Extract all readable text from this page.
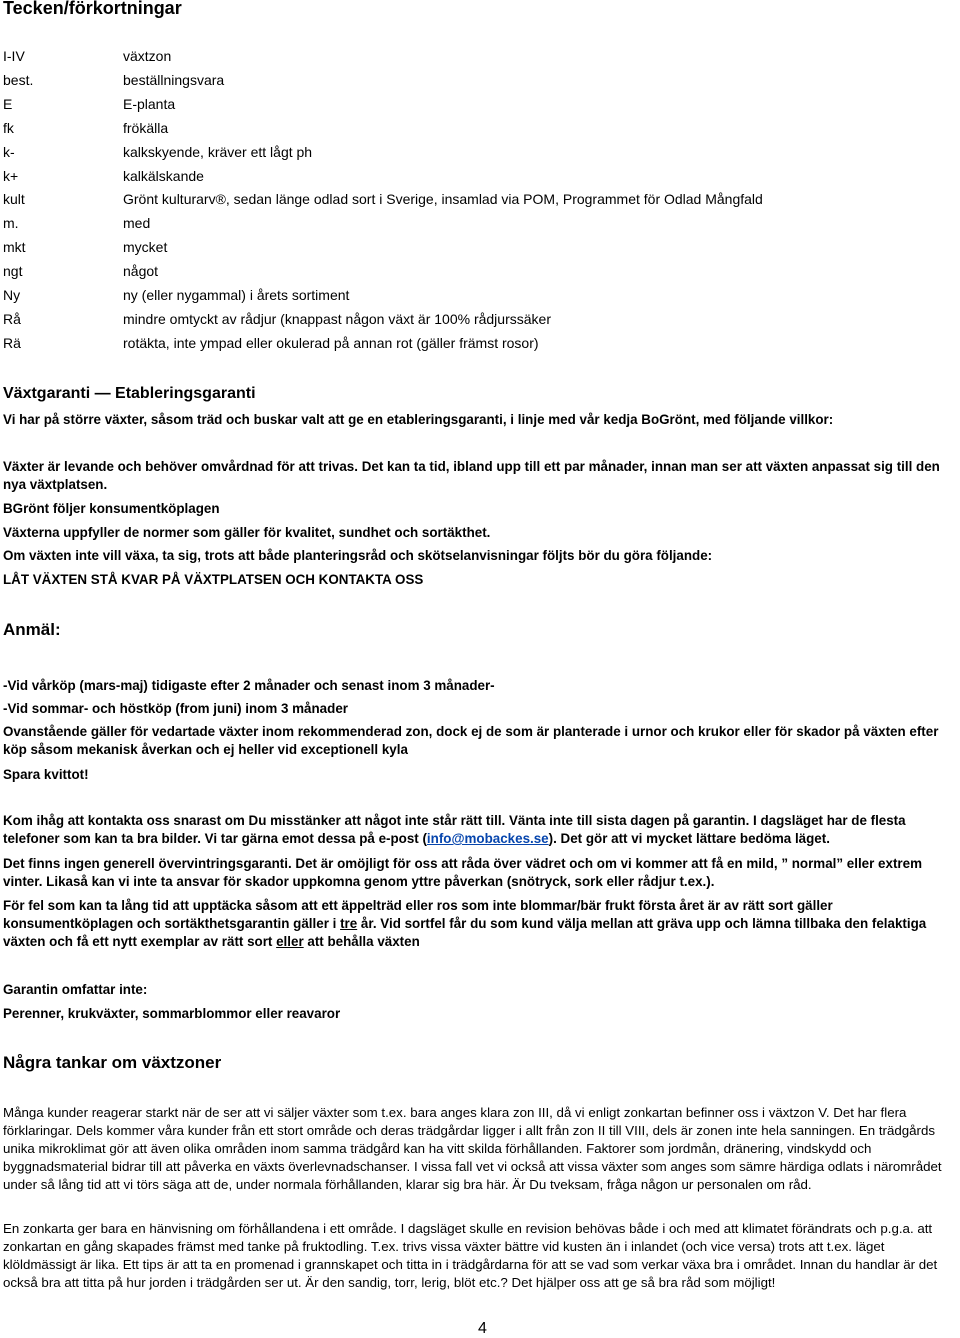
Tecken/förkortningar
I-IV	växtzon
best.	beställningsvara
E	E-planta
fk	frökälla
k-	kalkskyende, kräver ett lågt ph
k+	kalkälskande
kult	Grönt kulturarv®, sedan länge odlad sort i Sverige, insamlad via POM, Programmet för Odlad Mångfald
m.	med
mkt	mycket
ngt	något
Ny	ny (eller nygammal) i årets sortiment
Rå	mindre omtyckt av rådjur (knappast någon växt är 100% rådjurssäker
Rä	rotäkta, inte ympad eller okulerad på annan rot (gäller främst rosor)
Växtgaranti — Etableringsgaranti
Vi har på större växter, såsom träd och buskar valt att ge en etableringsgaranti, i linje med vår kedja BoGrönt, med följande villkor:
Växter är levande och behöver omvårdnad för att trivas. Det kan ta tid, ibland upp till ett par månader, innan man ser att växten anpassat sig till den nya växtplatsen.
BGrönt följer konsumentköplagen
Växterna uppfyller de normer som gäller för kvalitet, sundhet och sortäkthet.
Om växten inte vill växa, ta sig, trots att både planteringsråd och skötselanvisningar följts bör du göra följande:
LÅT VÄXTEN STÅ KVAR PÅ VÄXTPLATSEN OCH KONTAKTA OSS
Anmäl:
-Vid vårköp (mars-maj) tidigaste efter 2 månader och senast inom 3 månader-
-Vid sommar- och höstköp (from juni) inom 3 månader
Ovanstående gäller för vedartade växter inom rekommenderad zon, dock ej de som är planterade i urnor och krukor eller för skador på växten efter köp såsom mekanisk åverkan och ej heller vid exceptionell kyla
Spara kvittot!
Kom ihåg att kontakta oss snarast om Du misstänker att något inte står rätt till. Vänta inte till sista dagen på garantin. I dagsläget har de flesta telefoner som kan ta bra bilder. Vi tar gärna emot dessa på e-post (info@mobackes.se). Det gör att vi mycket lättare bedöma läget.
Det finns ingen generell övervintringsgaranti. Det är omöjligt för oss att råda över vädret och om vi kommer att få en mild, ” normal” eller extrem vinter. Likaså kan vi inte ta ansvar för skador uppkomna genom yttre påverkan (snötryck, sork eller rådjur t.ex.).
För fel som kan ta lång tid att upptäcka såsom att ett äppelträd eller ros som inte blommar/bär frukt första året är av rätt sort gäller konsumentköplagen och sortäkthetsgarantin gäller i tre år. Vid sortfel får du som kund välja mellan att gräva upp och lämna tillbaka den felaktiga växten och få ett nytt exemplar av rätt sort eller att behålla växten
Garantin omfattar inte:
Perenner, krukväxter, sommarblommor eller reavaror
Några tankar om växtzoner
Många kunder reagerar starkt när de ser att vi säljer växter som t.ex. bara anges klara zon III, då vi enligt zonkartan befinner oss i växtzon V. Det har flera förklaringar. Dels kommer våra kunder från ett stort område och deras trädgårdar ligger i allt från zon II till VIII, dels är zonen inte hela sanningen. En trädgårds unika mikroklimat gör att även olika områden inom samma trädgård kan ha vitt skilda förhållanden. Faktorer som jordmån, dränering, vindskydd och byggnadsmaterial bidrar till att påverka en växts överlevnadschanser. I vissa fall vet vi också att vissa växter som anges som sämre härdiga odlats i närområdet under så lång tid att vi törs säga att de, under normala förhållanden, klarar sig bra här. Är Du tveksam, fråga någon ur personalen om råd.
En zonkarta ger bara en hänvisning om förhållandena i ett område. I dagsläget skulle en revision behövas både i och med att klimatet förändrats och p.g.a. att zonkartan en gång skapades främst med tanke på fruktodling. T.ex. trivs vissa växter bättre vid kusten än i inlandet (och vice versa) trots att t.ex. läget klöldmässigt är lika. Ett tips är att ta en promenad i grannskapet och titta in i trädgårdarna för att se vad som verkar växa bra i området. Innan du handlar är det också bra att titta på hur jorden i trädgården ser ut. Är den sandig, torr, lerig, blöt etc.? Det hjälper oss att ge så bra råd som möjligt!
4
